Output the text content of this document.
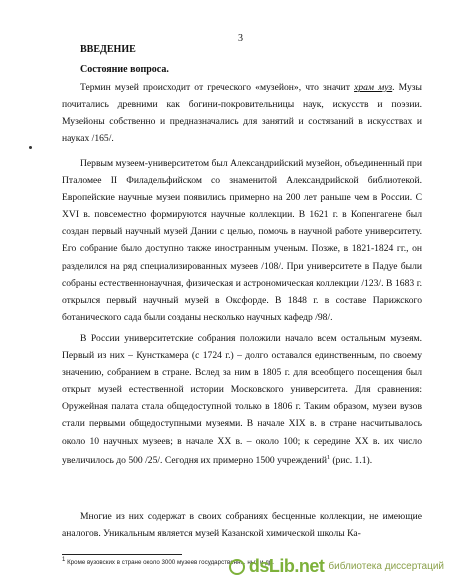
3
ВВЕДЕНИЕ
Состояние вопроса.
Термин музей происходит от греческого «музейон», что значит храм муз. Музы почитались древними как богини-покровительницы наук, искусств и поэзии. Музейоны собственно и предназначались для занятий и состязаний в искусствах и науках /165/.
Первым музеем-университетом был Александрийский музейон, объединенный при Пталомее II Филадельфийском со знаменитой Александрийской библиотекой. Европейские научные музеи появились примерно на 200 лет раньше чем в России. С XVI в. повсеместно формируются научные коллекции. В 1621 г. в Копенгагене был создан первый научный музей Дании с целью, помочь в научной работе университету. Его собрание было доступно также иностранным ученым. Позже, в 1821-1824 гг., он разделился на ряд специализированных музеев /108/. При университете в Падуе были собраны естественнонаучная, физическая и астрономическая коллекции /123/. В 1683 г. открылся первый научный музей в Оксфорде. В 1848 г. в составе Парижского ботанического сада были созданы несколько научных кафедр /98/.
В России университетские собрания положили начало всем остальным музеям. Первый из них – Кунсткамера (с 1724 г.) – долго оставался единственным, по своему значению, собранием в стране. Вслед за ним в 1805 г. для всеобщего посещения был открыт музей естественной истории Московского университета. Для сравнения: Оружейная палата стала общедоступной только в 1806 г. Таким образом, музеи вузов стали первыми общедоступными музеями. В начале XIX в. в стране насчитывалось около 10 научных музеев; в начале XX в. – около 100; к середине XX в. их число увеличилось до 500 /25/. Сегодня их примерно 1500 учреждений$^1$ (рис. 1.1).
Многие из них содержат в своих собраниях бесценные коллекции, не имеющие аналогов. Уникальным является музей Казанской химической школы Ка-
1 Кроме вузовских в стране около 3000 музеев государственн... ных и др.
dsLib.net библиотека диссертаций
